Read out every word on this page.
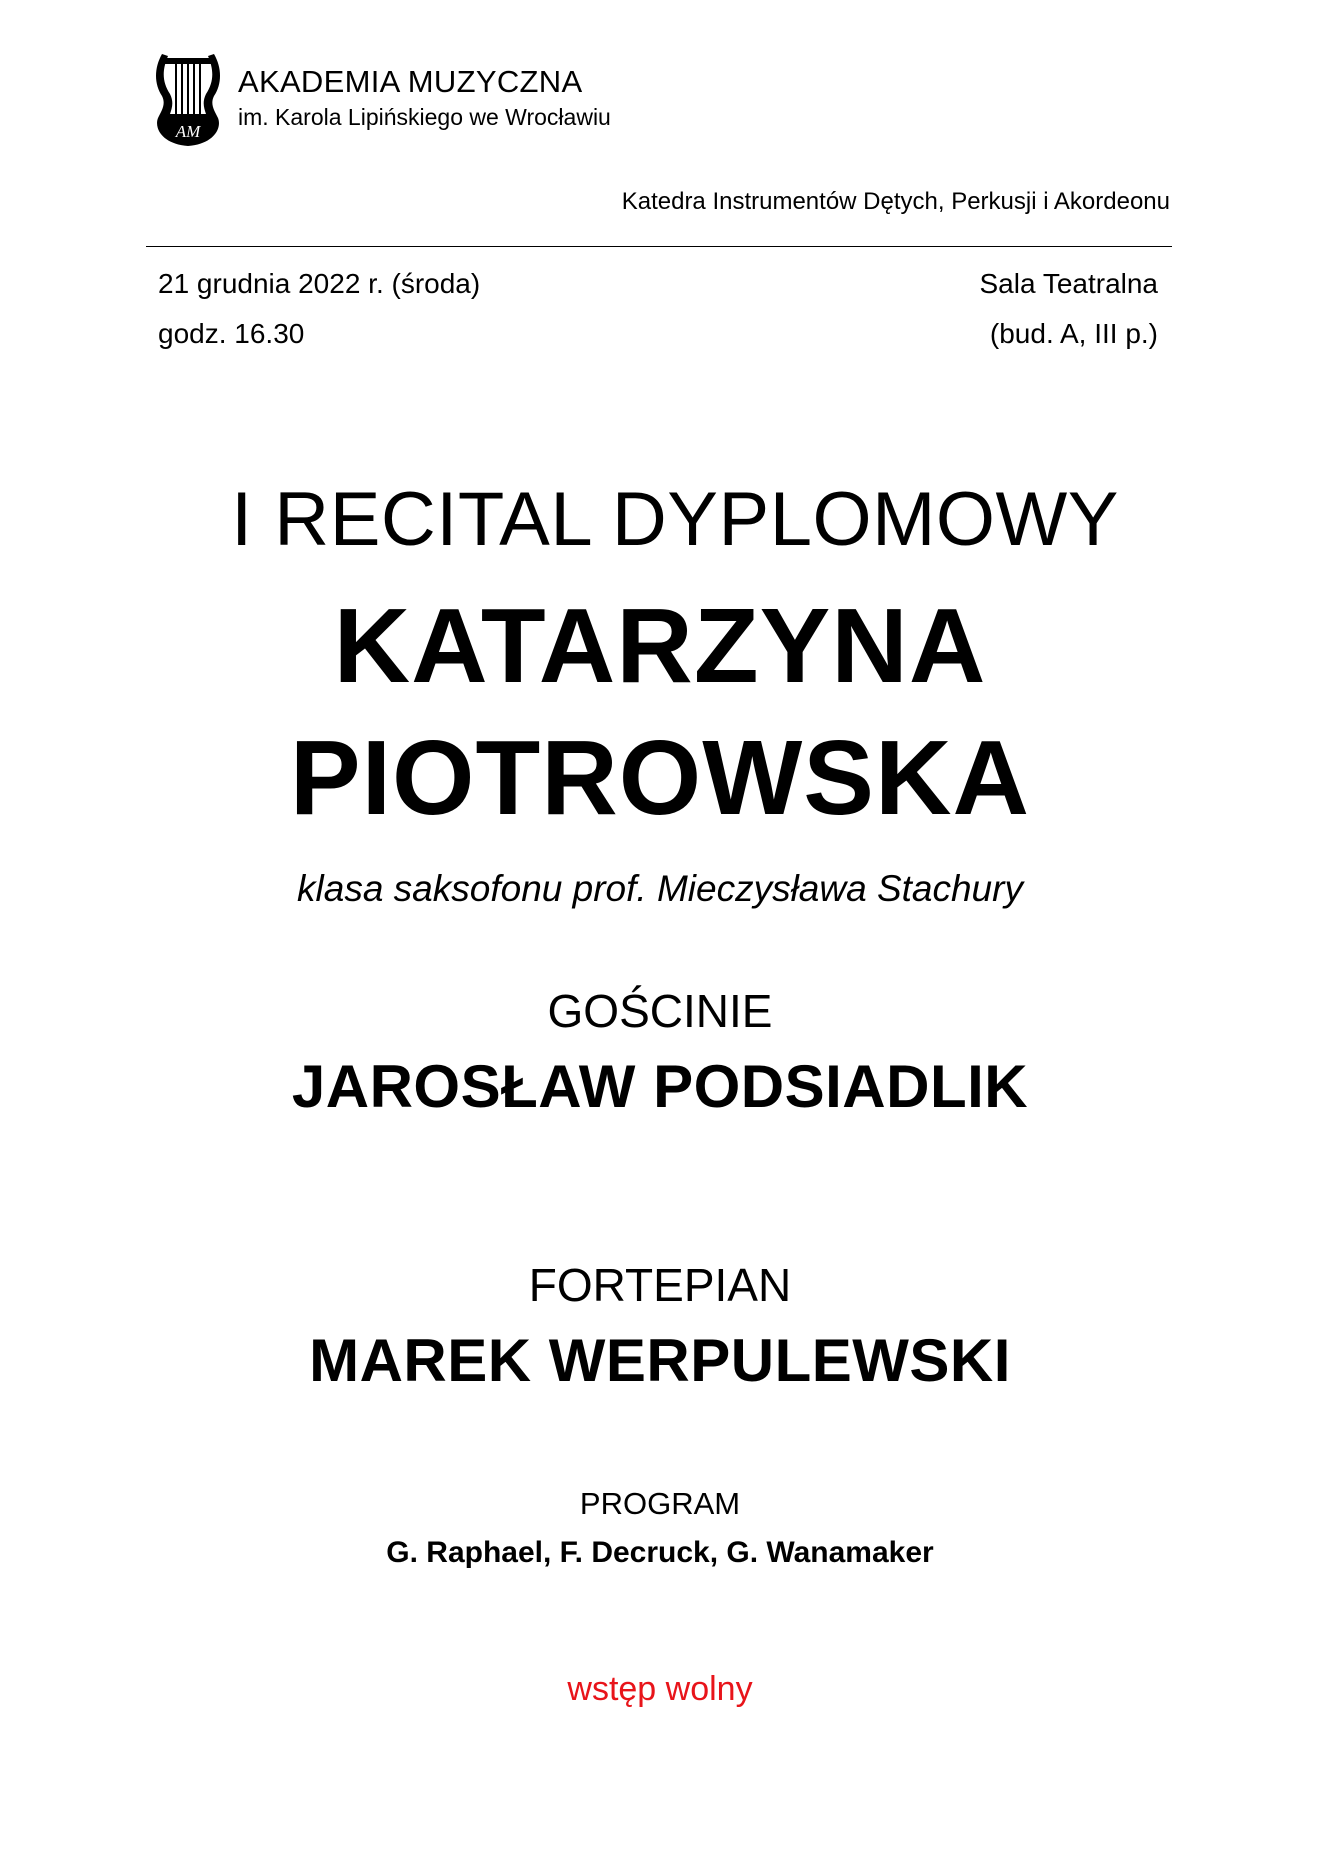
AM
AKADEMIA MUZYCZNA
im. Karola Lipińskiego we Wrocławiu
Katedra Instrumentów Dętych, Perkusji i Akordeonu
21 grudnia 2022 r. (środa)
godz. 16.30
Sala Teatralna
(bud. A, III p.)
I RECITAL DYPLOMOWY
KATARZYNA
PIOTROWSKA
klasa saksofonu prof. Mieczysława Stachury
GOŚCINIE
JAROSŁAW PODSIADLIK
FORTEPIAN
MAREK WERPULEWSKI
PROGRAM
G. Raphael, F. Decruck, G. Wanamaker
wstęp wolny
